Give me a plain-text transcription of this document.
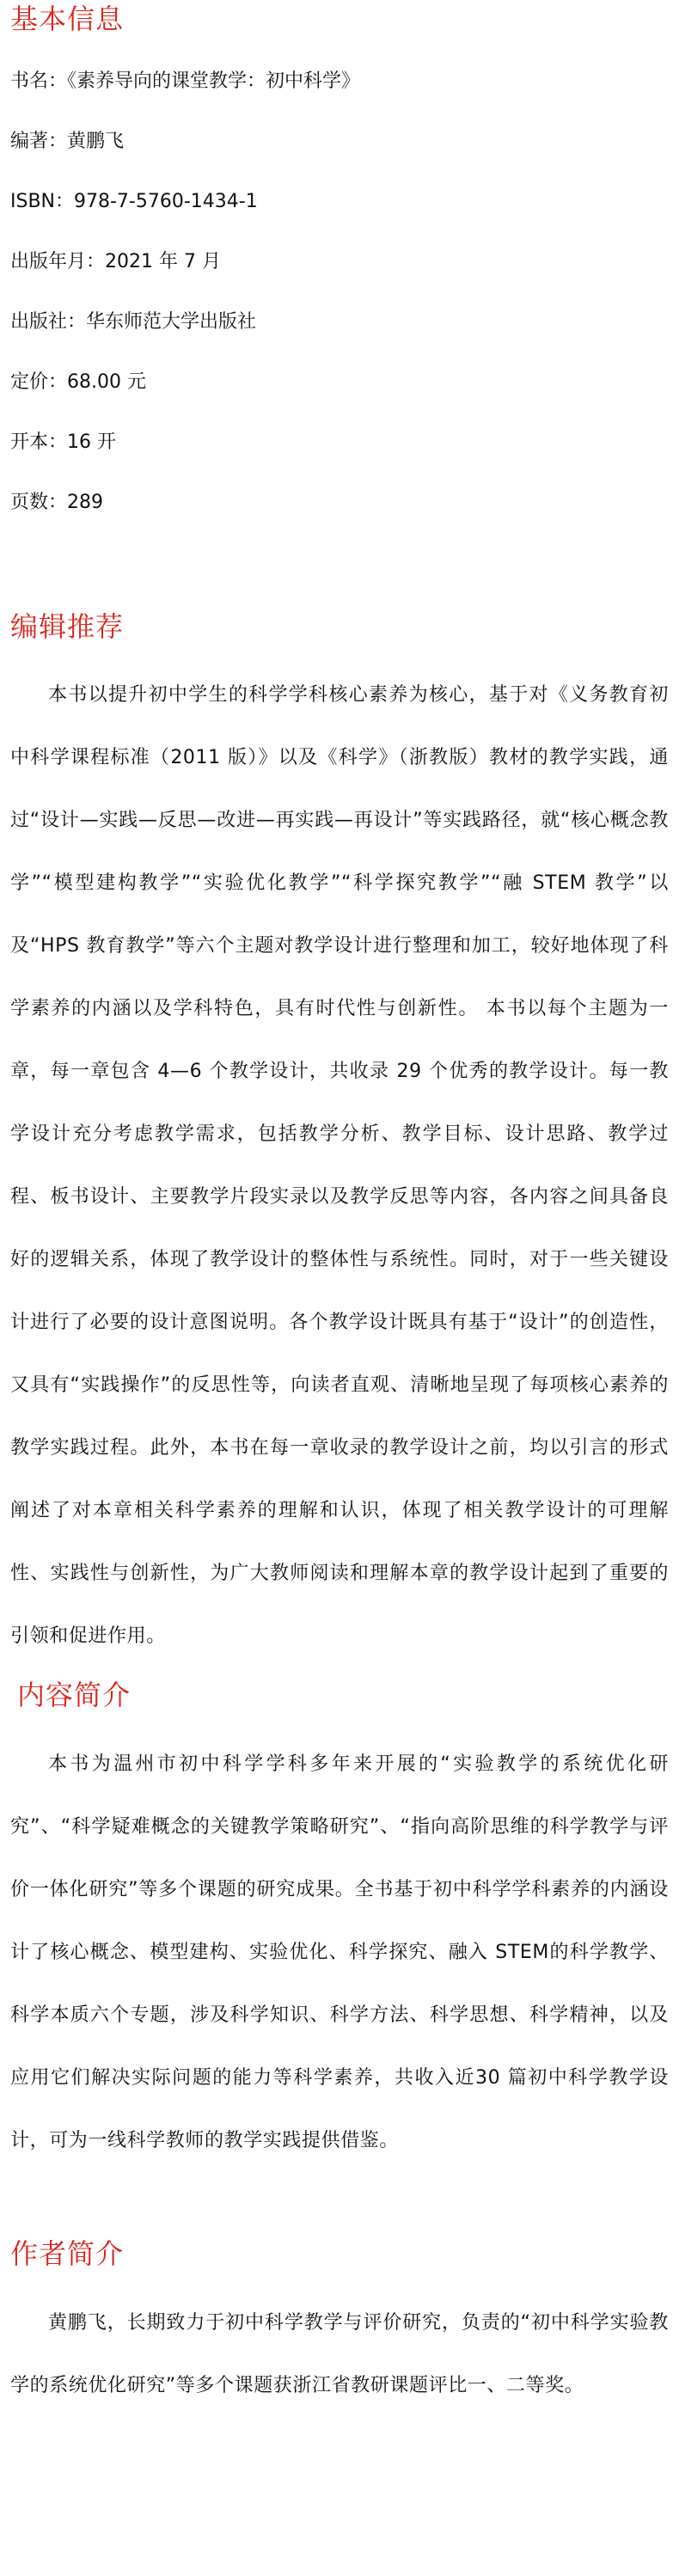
基本信息
书名：《素养导向的课堂教学：初中科学》
编著：黄鹏飞
ISBN：978-7-5760-1434-1
出版年月：2021 年 7 月
出版社：华东师范大学出版社
定价：68.00 元
开本：16 开
页数：289
编辑推荐

本书以提升初中学生的科学学科核心素养为核心，基于对《义务教育初中科学课程标准（2011 版）》以及《科学》（浙教版）教材的教学实践，通过“设计—实践—反思—改进—再实践—再设计”等实践路径，就“核心概念教学”“模型建构教学”“实验优化教学”“科学探究教学”“融 STEM 教学”以及“HPS 教育教学”等六个主题对教学设计进行整理和加工，较好地体现了科学素养的内涵以及学科特色，具有时代性与创新性。 本书以每个主题为一章，每一章包含 4—6 个教学设计，共收录 29 个优秀的教学设计。每一教学设计充分考虑教学需求，包括教学分析、教学目标、设计思路、教学过程、板书设计、主要教学片段实录以及教学反思等内容，各内容之间具备良好的逻辑关系，体现了教学设计的整体性与系统性。同时，对于一些关键设计进行了必要的设计意图说明。各个教学设计既具有基于“设计”的创造性，又具有“实践操作”的反思性等，向读者直观、清晰地呈现了每项核心素养的教学实践过程。此外，本书在每一章收录的教学设计之前，均以引言的形式阐述了对本章相关科学素养的理解和认识，体现了相关教学设计的可理解性、实践性与创新性，为广大教师阅读和理解本章的教学设计起到了重要的引领和促进作用。

内容简介

本书为温州市初中科学学科多年来开展的“实验教学的系统优化研究”、“科学疑难概念的关键教学策略研究”、“指向高阶思维的科学教学与评价一体化研究”等多个课题的研究成果。全书基于初中科学学科素养的内涵设计了核心概念、模型建构、实验优化、科学探究、融入 STEM的科学教学、科学本质六个专题，涉及科学知识、科学方法、科学思想、科学精神，以及应用它们解决实际问题的能力等科学素养，共收入近30 篇初中科学教学设计，可为一线科学教师的教学实践提供借鉴。

作者简介

黄鹏飞，长期致力于初中科学教学与评价研究，负责的“初中科学实验教学的系统优化研究”等多个课题获浙江省教研课题评比一、二等奖。
